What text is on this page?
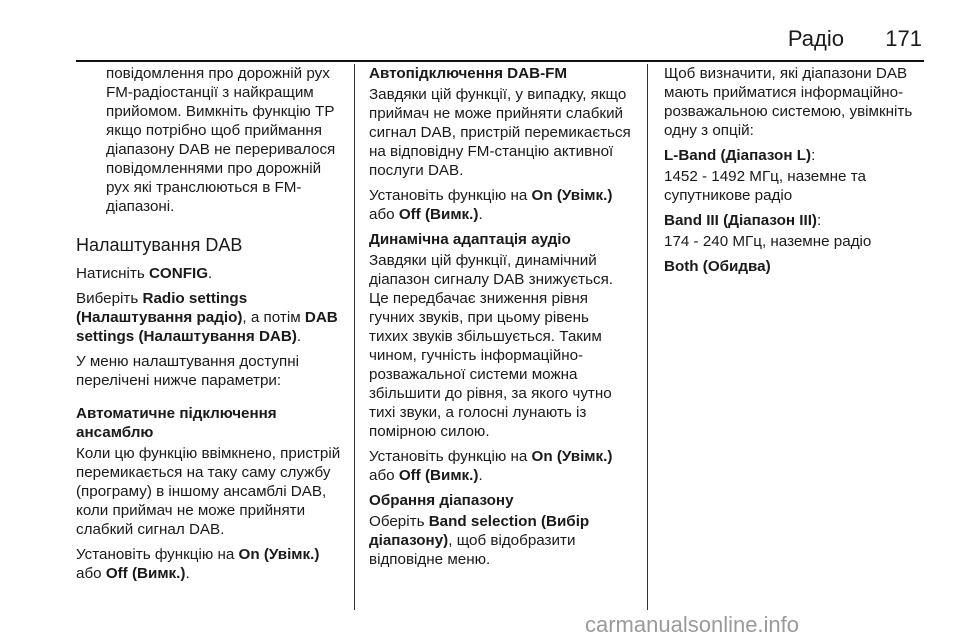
Радіо 171

повідомлення про дорожній рух FM-радіостанції з найкращим прийомом. Вимкніть функцію ТР якщо потрібно щоб приймання діапазону DAB не переривалося повідомленнями про дорожній рух які транслюються в FM-діапазоні.

Налаштування DAB

Натисніть CONFIG.

Виберіть Radio settings (Налаштування радіо), а потім DAB settings (Налаштування DAB).

У меню налаштування доступні перелічені нижче параметри:

Автоматичне підключення ансамблю

Коли цю функцію ввімкнено, пристрій перемикається на таку саму службу (програму) в іншому ансамблі DAB, коли приймач не може прийняти слабкий сигнал DAB.

Установіть функцію на On (Увімк.) або Off (Вимк.).

Автопідключення DAB-FM

Завдяки цій функції, у випадку, якщо приймач не може прийняти слабкий сигнал DAB, пристрій перемикається на відповідну FM-станцію активної послуги DAB.

Установіть функцію на On (Увімк.) або Off (Вимк.).

Динамічна адаптація аудіо

Завдяки цій функції, динамічний діапазон сигналу DAB знижується. Це передбачає зниження рівня гучних звуків, при цьому рівень тихих звуків збільшується. Таким чином, гучність інформаційно-розважальної системи можна збільшити до рівня, за якого чутно тихі звуки, а голосні лунають із помірною силою.

Установіть функцію на On (Увімк.) або Off (Вимк.).

Обрання діапазону

Оберіть Band selection (Вибір діапазону), щоб відобразити відповідне меню.

Щоб визначити, які діапазони DAB мають прийматися інформаційно-розважальною системою, увімкніть одну з опцій:

L-Band (Діапазон L):

1452 - 1492 МГц, наземне та супутникове радіо

Band III (Діапазон III):

174 - 240 МГц, наземне радіо

Both (Обидва)

carmanualsonline.info
